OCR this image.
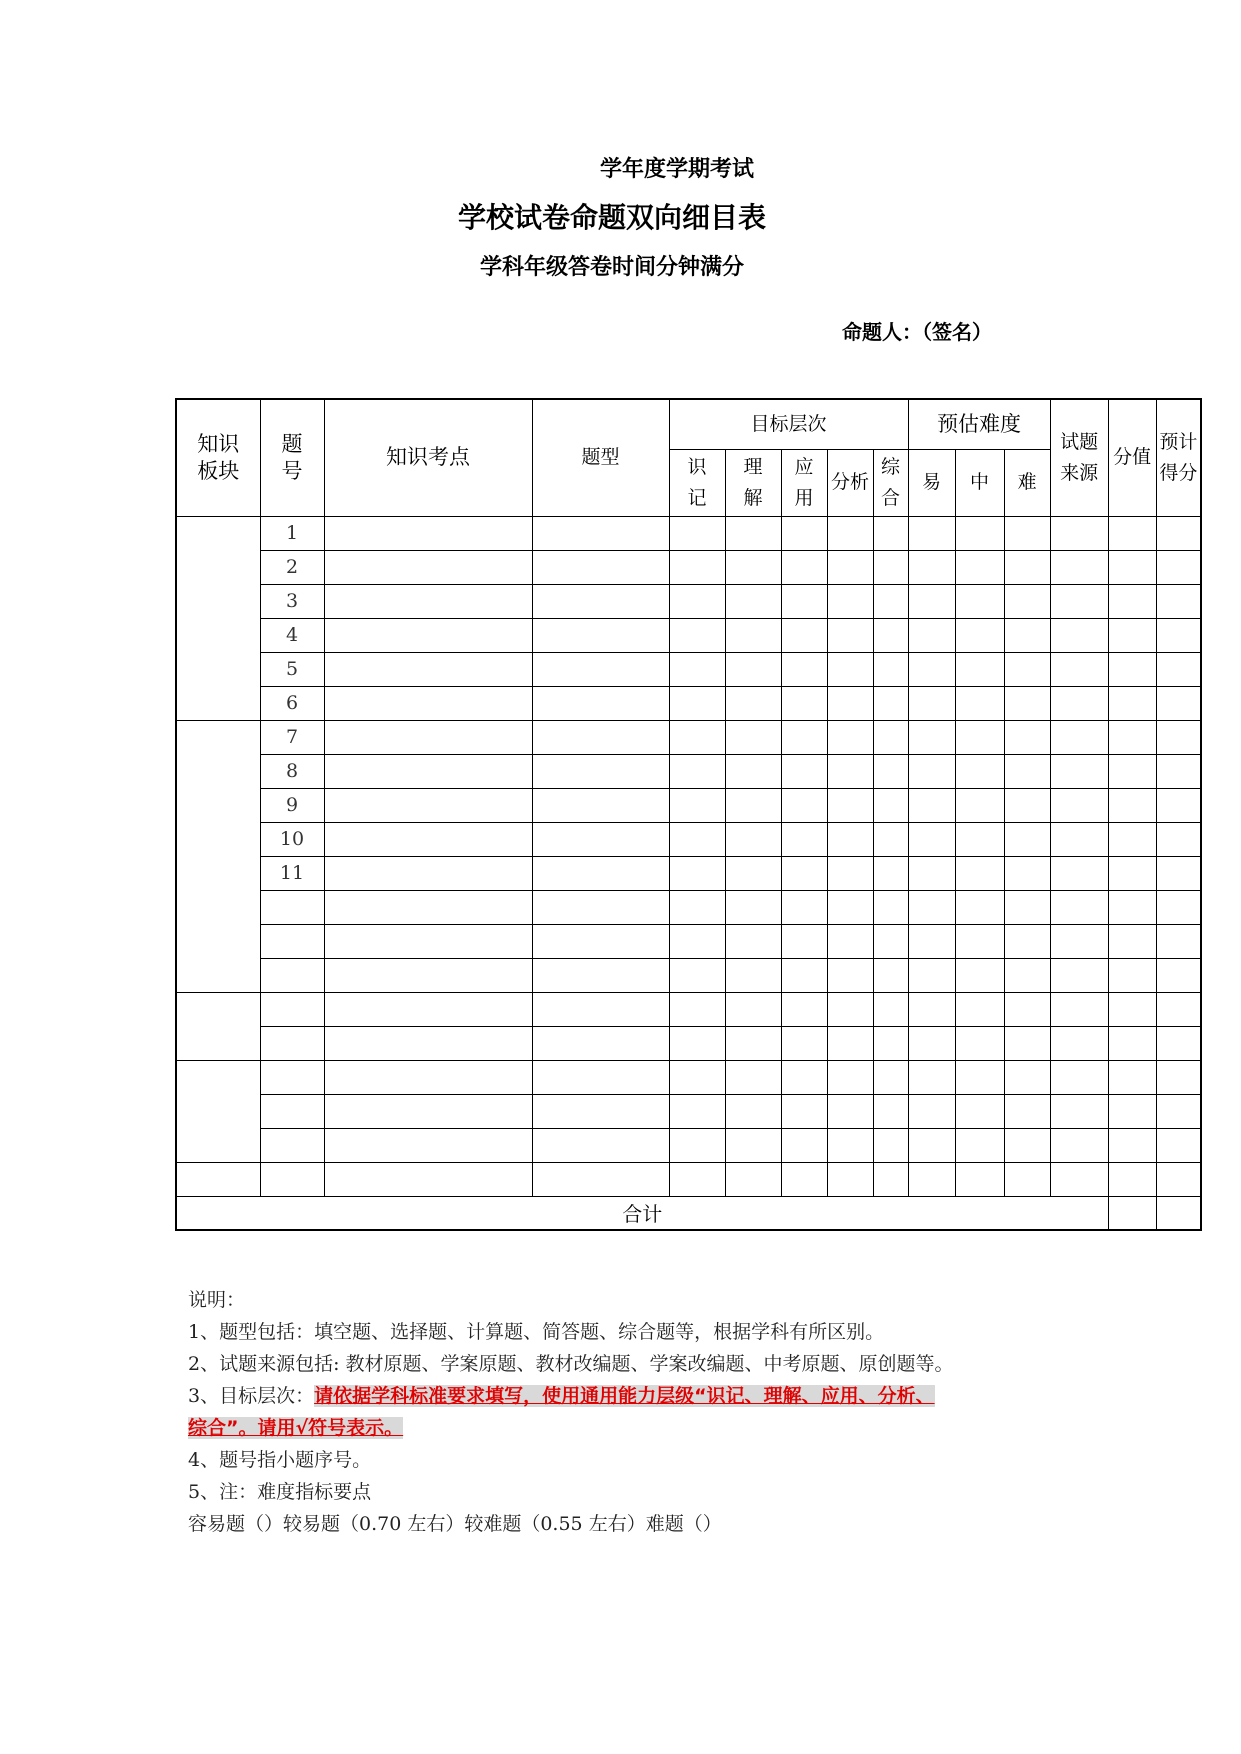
学年度学期考试
学校试卷命题双向细目表
学科年级答卷时间分钟满分
命题人：（签名）
知识板块	题号	知识考点	题型	目标层次					预估难度			试题来源	分值	预计得分

				识记	理解	应用	分析	综合	易	中	难			
	1													
	2													
	3													
	4													
	5													
	6													
	7													
	8													
	9													
	10													
	11													

合计														
说明：
1、题型包括：填空题、选择题、计算题、简答题、综合题等，根据学科有所区别。
2、试题来源包括: 教材原题、学案原题、教材改编题、学案改编题、中考原题、原创题等。
3、目标层次：请依据学科标准要求填写，使用通用能力层级“识记、理解、应用、分析、
综合”。请用√符号表示。
4、题号指小题序号。
5、注：难度指标要点
容易题（）较易题（0.70 左右）较难题（0.55 左右）难题（）
